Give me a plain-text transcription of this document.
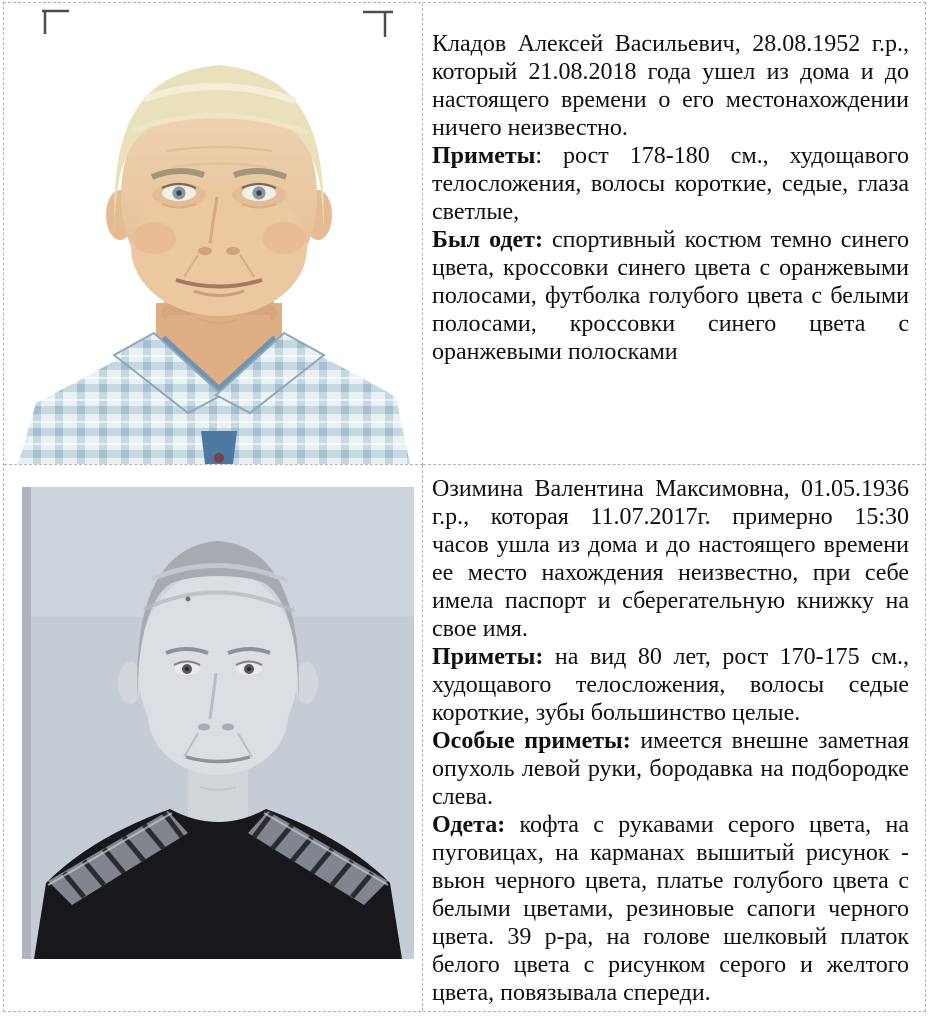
Кладов Алексей Васильевич, 28.08.1952 г.р., который 21.08.2018 года ушел из дома и до настоящего времени о его местонахождении ничего неизвестно.

Приметы: рост 178-180 см., худощавого телосложения, волосы короткие, седые, глаза светлые,

Был одет: спортивный костюм темно синего цвета, кроссовки синего цвета с оранжевыми полосами, футболка голубого цвета с белыми полосами, кроссовки синего цвета с оранжевыми полосками

Озимина Валентина Максимовна, 01.05.1936 г.р., которая 11.07.2017г. примерно 15:30 часов ушла из дома и до настоящего времени ее место нахождения неизвестно, при себе имела паспорт и сберегательную книжку на свое имя.

Приметы: на вид 80 лет, рост 170-175 см., худощавого телосложения, волосы седые короткие, зубы большинство целые.

Особые приметы: имеется внешне заметная опухоль левой руки, бородавка на подбородке слева.

Одета: кофта с рукавами серого цвета, на пуговицах, на карманах вышитый рисунок - вьюн черного цвета, платье голубого цвета с белыми цветами, резиновые сапоги черного цвета. 39 р-ра, на голове шелковый платок белого цвета с рисунком серого и желтого цвета, повязывала спереди.
